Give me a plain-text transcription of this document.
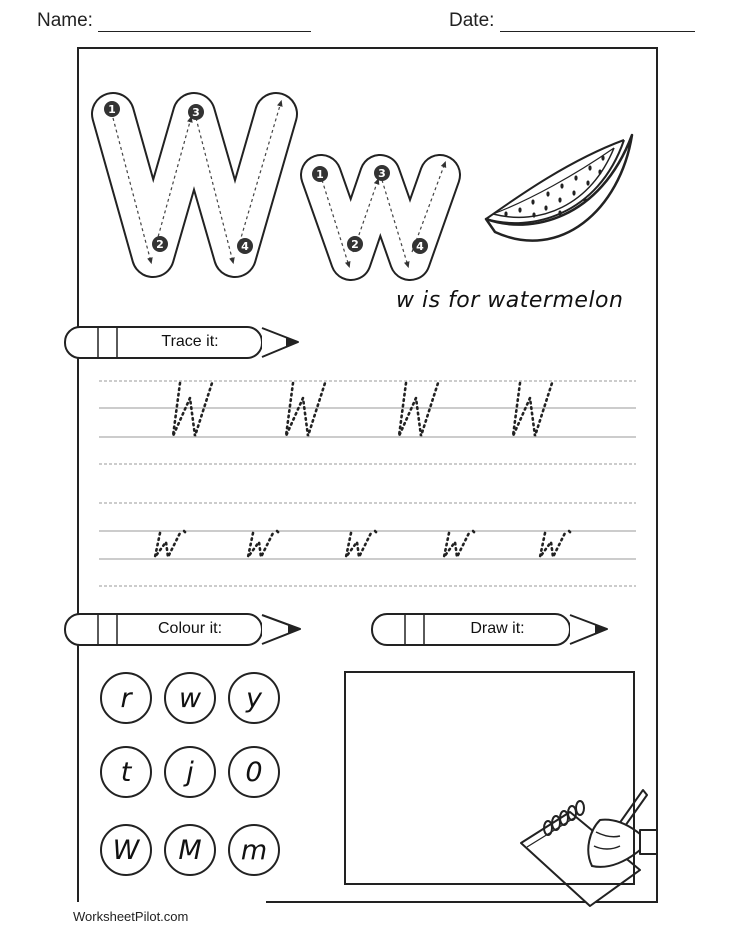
Name:	Date:
1
2
3
4
1
2
3
4
w is for watermelon
Trace it:
Colour it:	Draw it:
r	w	y
t	j	0
W	M	m
WorksheetPilot.com
